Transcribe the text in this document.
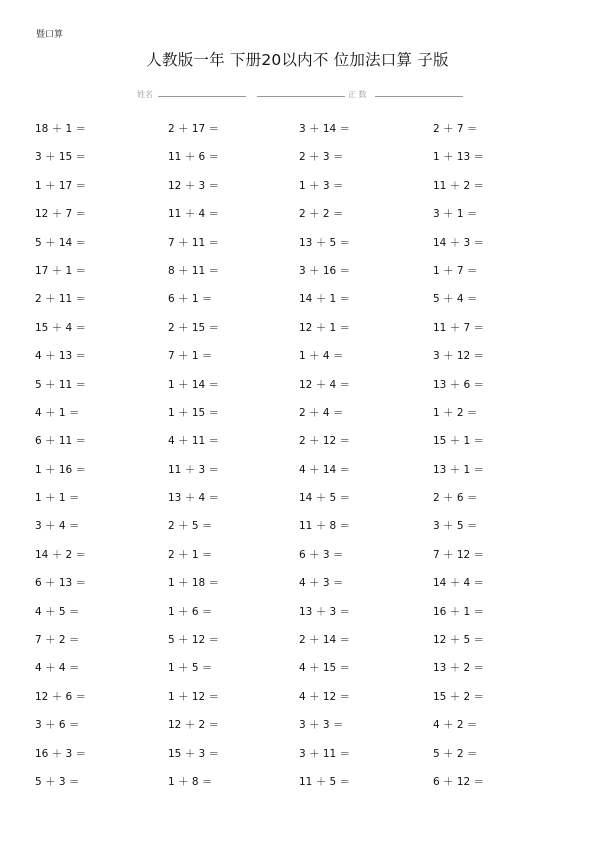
暨口算
人教版一年 下册20以内不 位加法口算 子版
姓名	正 数
18 ＋ 1 ＝	2 ＋ 17 ＝	3 ＋ 14 ＝	2 ＋ 7 ＝
3 ＋ 15 ＝	11 ＋ 6 ＝	2 ＋ 3 ＝	1 ＋ 13 ＝
1 ＋ 17 ＝	12 ＋ 3 ＝	1 ＋ 3 ＝	11 ＋ 2 ＝
12 ＋ 7 ＝	11 ＋ 4 ＝	2 ＋ 2 ＝	3 ＋ 1 ＝
5 ＋ 14 ＝	7 ＋ 11 ＝	13 ＋ 5 ＝	14 ＋ 3 ＝
17 ＋ 1 ＝	8 ＋ 11 ＝	3 ＋ 16 ＝	1 ＋ 7 ＝
2 ＋ 11 ＝	6 ＋ 1 ＝	14 ＋ 1 ＝	5 ＋ 4 ＝
15 ＋ 4 ＝	2 ＋ 15 ＝	12 ＋ 1 ＝	11 ＋ 7 ＝
4 ＋ 13 ＝	7 ＋ 1 ＝	1 ＋ 4 ＝	3 ＋ 12 ＝
5 ＋ 11 ＝	1 ＋ 14 ＝	12 ＋ 4 ＝	13 ＋ 6 ＝
4 ＋ 1 ＝	1 ＋ 15 ＝	2 ＋ 4 ＝	1 ＋ 2 ＝
6 ＋ 11 ＝	4 ＋ 11 ＝	2 ＋ 12 ＝	15 ＋ 1 ＝
1 ＋ 16 ＝	11 ＋ 3 ＝	4 ＋ 14 ＝	13 ＋ 1 ＝
1 ＋ 1 ＝	13 ＋ 4 ＝	14 ＋ 5 ＝	2 ＋ 6 ＝
3 ＋ 4 ＝	2 ＋ 5 ＝	11 ＋ 8 ＝	3 ＋ 5 ＝
14 ＋ 2 ＝	2 ＋ 1 ＝	6 ＋ 3 ＝	7 ＋ 12 ＝
6 ＋ 13 ＝	1 ＋ 18 ＝	4 ＋ 3 ＝	14 ＋ 4 ＝
4 ＋ 5 ＝	1 ＋ 6 ＝	13 ＋ 3 ＝	16 ＋ 1 ＝
7 ＋ 2 ＝	5 ＋ 12 ＝	2 ＋ 14 ＝	12 ＋ 5 ＝
4 ＋ 4 ＝	1 ＋ 5 ＝	4 ＋ 15 ＝	13 ＋ 2 ＝
12 ＋ 6 ＝	1 ＋ 12 ＝	4 ＋ 12 ＝	15 ＋ 2 ＝
3 ＋ 6 ＝	12 ＋ 2 ＝	3 ＋ 3 ＝	4 ＋ 2 ＝
16 ＋ 3 ＝	15 ＋ 3 ＝	3 ＋ 11 ＝	5 ＋ 2 ＝
5 ＋ 3 ＝	1 ＋ 8 ＝	11 ＋ 5 ＝	6 ＋ 12 ＝
